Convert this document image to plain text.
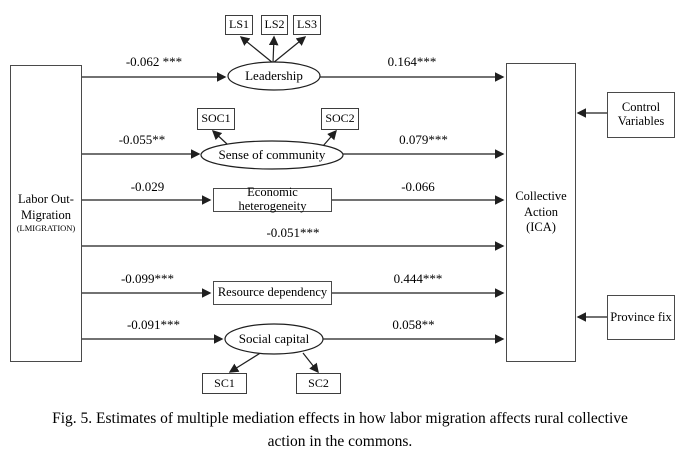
Labor Out-
Migration
(LMIGRATION)
Collective
Action
(ICA)
LS1	LS2	LS3
SOC1	SOC2
SC1	SC2
Leadership
Sense of community
Social capital
Economic heterogeneity
Resource dependency
Control
Variables
Province fix
-0.062 ***	0.164***
-0.055**	0.079***
-0.029	-0.066
-0.051***
-0.099***	0.444***
-0.091***	0.058**
Fig. 5. Estimates of multiple mediation effects in how labor migration affects rural collective
action in the commons.
